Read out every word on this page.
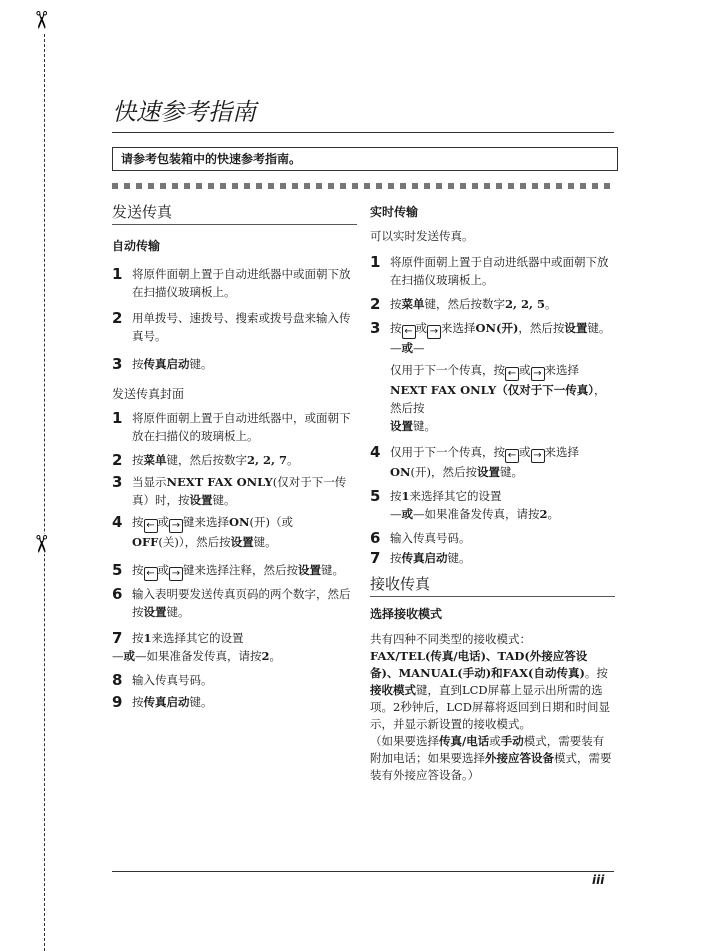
✂
✂
快速参考指南
请参考包装箱中的快速参考指南。
发送传真
自动传输
1 将原件面朝上置于自动进纸器中或面朝下放在扫描仪玻璃板上。
2 用单拨号、速拨号、搜索或拨号盘来输入传真号。
3 按传真启动键。
发送传真封面
1 将原件面朝上置于自动进纸器中，或面朝下放在扫描仪的玻璃板上。
2 按菜单键，然后按数字2, 2, 7。
3 当显示NEXT FAX ONLY(仅对于下一传真）时，按设置键。
4 按 ← 或 → 键来选择ON(开)（或
OFF(关)），然后按设置键。
5 按 ← 或 → 键来选择注释，然后按设置键。
6 输入表明要发送传真页码的两个数字，然后按设置键。
7 按1来选择其它的设置

—或—如果准备发传真，请按2。

8 输入传真号码。
9 按传真启动键。
实时传输

可以实时发送传真。

1 将原件面朝上置于自动进纸器中或面朝下放在扫描仪玻璃板上。
2 按菜单键，然后按数字2, 2, 5。
3 按 ← 或 → 来选择ON(开)，然后按设置键。
—或—

仅用于下一个传真，按 ← 或 → 来选择
NEXT FAX ONLY（仅对于下一传真），然后按
设置键。

4 仅用于下一个传真，按 ← 或 → 来选择
ON(开)，然后按设置键。
5 按1来选择其它的设置
—或—如果准备发传真，请按2。
6 输入传真号码。
7 按传真启动键。
接收传真
选择接收模式

共有四种不同类型的接收模式：
FAX/TEL(传真/电话)、TAD(外接应答设备)、MANUAL(手动)和FAX(自动传真)。按接收模式键，直到LCD屏幕上显示出所需的选项。2秒钟后，LCD屏幕将返回到日期和时间显示，并显示新设置的接收模式。

（如果要选择传真/电话或手动模式，需要装有附加电话；如果要选择外接应答设备模式，需要装有外接应答设备。）

iii
